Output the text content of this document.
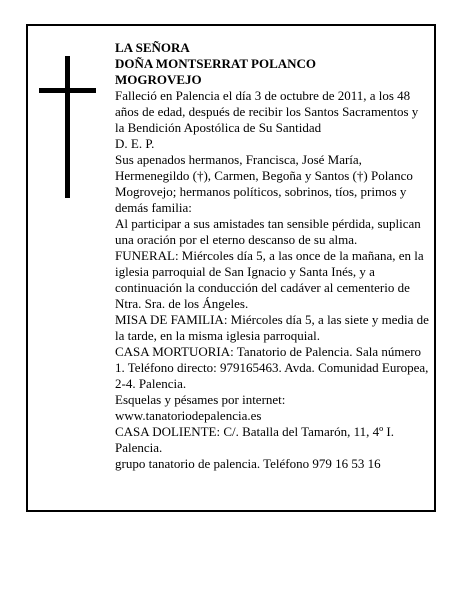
LA SEÑORA

DOÑA MONTSERRAT POLANCO

MOGROVEJO

Falleció en Palencia el día 3 de octubre de 2011, a los 48 años de edad, después de recibir los Santos Sacramentos y la Bendición Apostólica de Su Santidad

D. E. P.

Sus apenados hermanos, Francisca, José María, Hermenegildo (†), Carmen, Begoña y Santos (†) Polanco Mogrovejo; hermanos políticos, sobrinos, tíos, primos y demás familia:

Al participar a sus amistades tan sensible pérdida, suplican una oración por el eterno descanso de su alma.

FUNERAL: Miércoles día 5, a las once de la mañana, en la iglesia parroquial de San Ignacio y Santa Inés, y a continuación la conducción del cadáver al cementerio de Ntra. Sra. de los Ángeles.

MISA DE FAMILIA: Miércoles día 5, a las siete y media de la tarde, en la misma iglesia parroquial.

CASA MORTUORIA: Tanatorio de Palencia. Sala número 1. Teléfono directo: 979165463. Avda. Comunidad Europea, 2-4. Palencia.

Esquelas y pésames por internet:

www.tanatoriodepalencia.es

CASA DOLIENTE: C/. Batalla del Tamarón, 11, 4º I. Palencia.

grupo tanatorio de palencia. Teléfono 979 16 53 16
